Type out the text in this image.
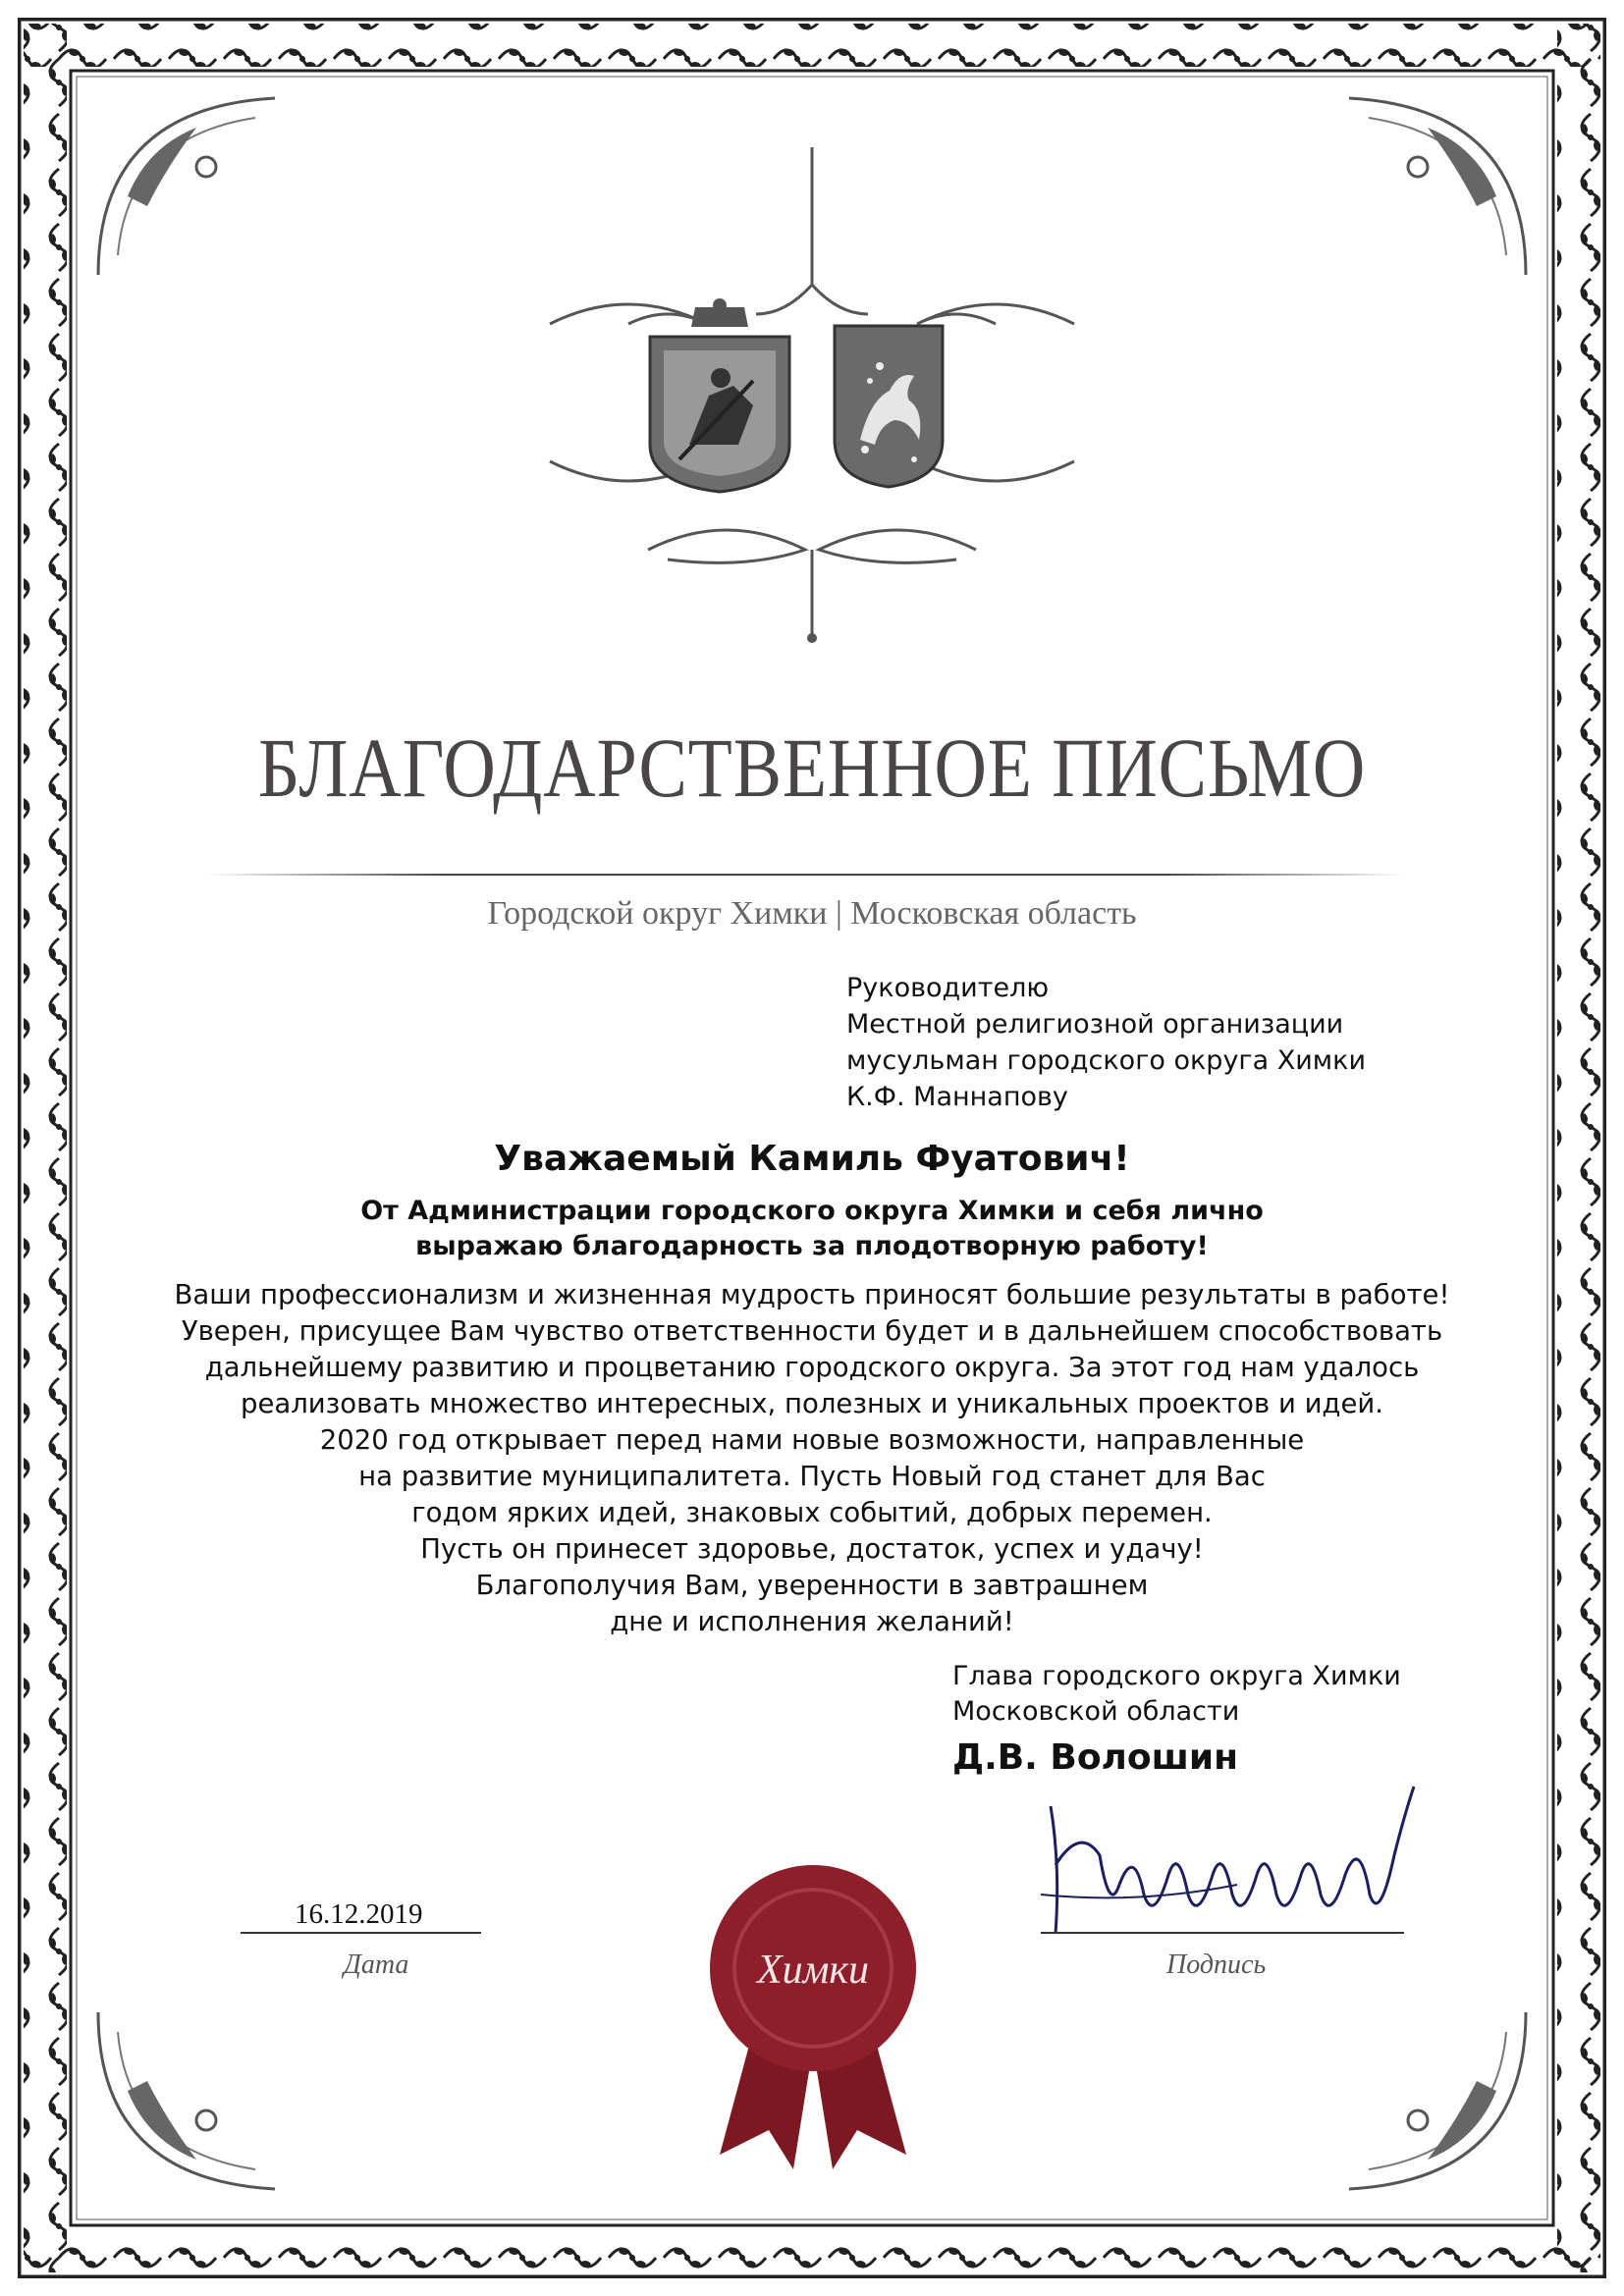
БЛАГОДАРСТВЕННОЕ ПИСЬМО
Городской округ Химки | Московская область
Руководителю
Местной религиозной организации
мусульман городского округа Химки
К.Ф. Маннапову
Уважаемый Камиль Фуатович!
От Администрации городского округа Химки и себя лично
выражаю благодарность за плодотворную работу!
Ваши профессионализм и жизненная мудрость приносят большие результаты в работе!
Уверен, присущее Вам чувство ответственности будет и в дальнейшем способствовать
дальнейшему развитию и процветанию городского округа. За этот год нам удалось
реализовать множество интересных, полезных и уникальных проектов и идей.
2020 год открывает перед нами новые возможности, направленные
на развитие муниципалитета. Пусть Новый год станет для Вас
годом ярких идей, знаковых событий, добрых перемен.
Пусть он принесет здоровье, достаток, успех и удачу!
Благополучия Вам, уверенности в завтрашнем
дне и исполнения желаний!
Глава городского округа Химки
Московской области
Д.В. Волошин
16.12.2019
Дата	Подпись
Химки
